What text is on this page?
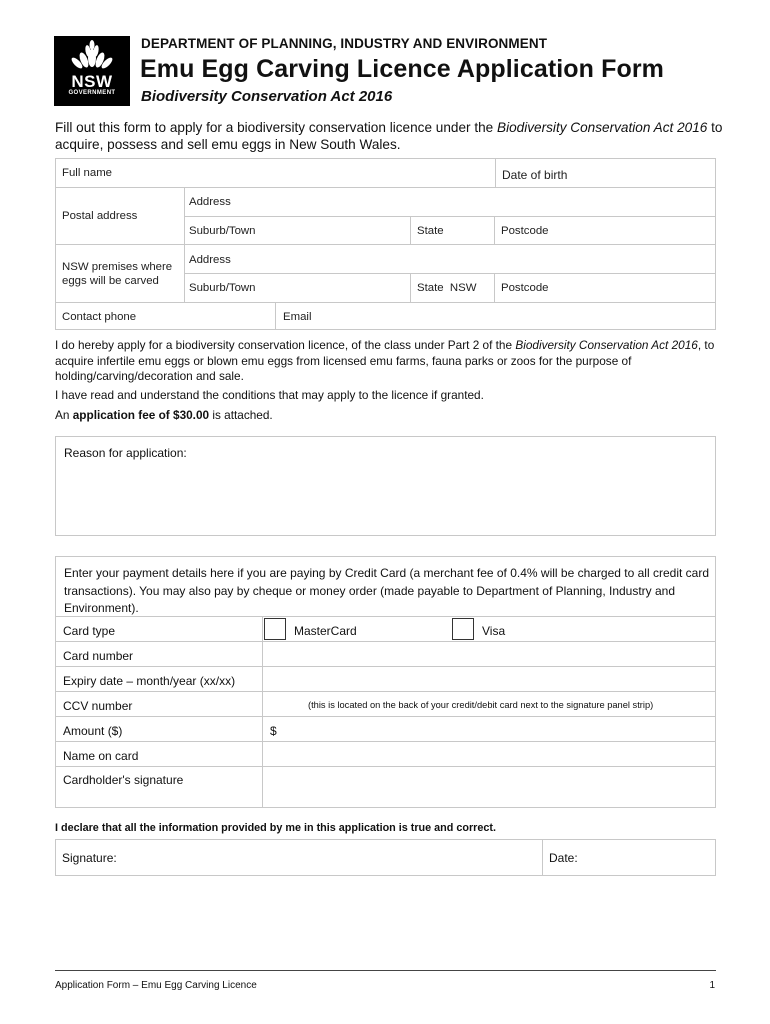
NSW
GOVERNMENT
DEPARTMENT OF PLANNING, INDUSTRY AND ENVIRONMENT
Emu Egg Carving Licence Application Form
Biodiversity Conservation Act 2016
Fill out this form to apply for a biodiversity conservation licence under the Biodiversity Conservation Act 2016 to acquire, possess and sell emu eggs in New South Wales.
Full name	Date of birth
Postal address
Address
Suburb/Town	State	Postcode
NSW premises where eggs will be carved
Address
Suburb/Town	State  NSW Postcode
Contact phone	Email
I do hereby apply for a biodiversity conservation licence, of the class under Part 2 of the Biodiversity Conservation Act 2016, to acquire infertile emu eggs or blown emu eggs from licensed emu farms, fauna parks or zoos for the purpose of holding/carving/decoration and sale.
I have read and understand the conditions that may apply to the licence if granted.
An application fee of $30.00 is attached.
Reason for application:
Enter your payment details here if you are paying by Credit Card (a merchant fee of 0.4% will be charged to all credit card transactions). You may also pay by cheque or money order (made payable to Department of Planning, Industry and Environment).
Card type	MasterCard	Visa
Card number
Expiry date – month/year (xx/xx)
CCV number	(this is located on the back of your credit/debit card next to the signature panel strip)
Amount ($)	$
Name on card
Cardholder's signature
I declare that all the information provided by me in this application is true and correct.
Signature:	Date:
Application Form – Emu Egg Carving Licence	1
